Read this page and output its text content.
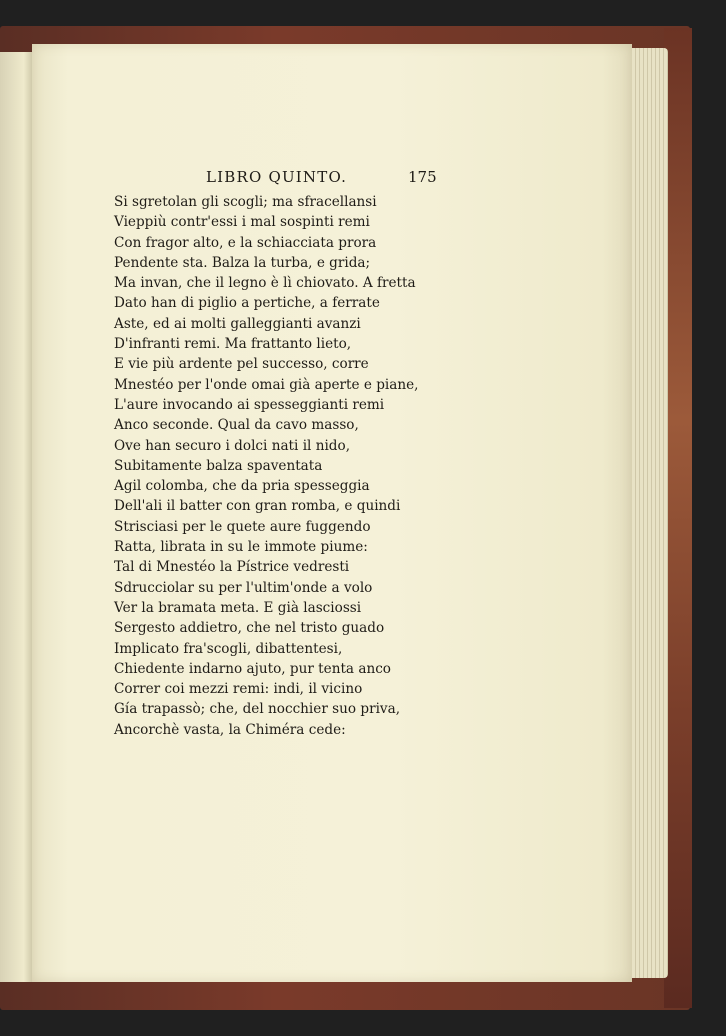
LIBRO QUINTO.	175
Si sgretolan gli scogli; ma sfracellansi
Vieppiù contr'essi i mal sospinti remi
Con fragor alto, e la schiacciata prora
Pendente sta. Balza la turba, e grida;
Ma invan, che il legno è lì chiovato. A fretta
Dato han di piglio a pertiche, a ferrate
Aste, ed ai molti galleggianti avanzi
D'infranti remi. Ma frattanto lieto,
E vie più ardente pel successo, corre
Mnestéo per l'onde omai già aperte e piane,
L'aure invocando ai spesseggianti remi
Anco seconde. Qual da cavo masso,
Ove han securo i dolci nati il nido,
Subitamente balza spaventata
Agil colomba, che da pria spesseggia
Dell'ali il batter con gran romba, e quindi
Strisciasi per le quete aure fuggendo
Ratta, librata in su le immote piume:
Tal di Mnestéo la Pístrice vedresti
Sdrucciolar su per l'ultim'onde a volo
Ver la bramata meta. E già lasciossi
Sergesto addietro, che nel tristo guado
Implicato fra'scogli, dibattentesi,
Chiedente indarno ajuto, pur tenta anco
Correr coi mezzi remi: indi, il vicino
Gía trapassò; che, del nocchier suo priva,
Ancorchè vasta, la Chiméra cede:
